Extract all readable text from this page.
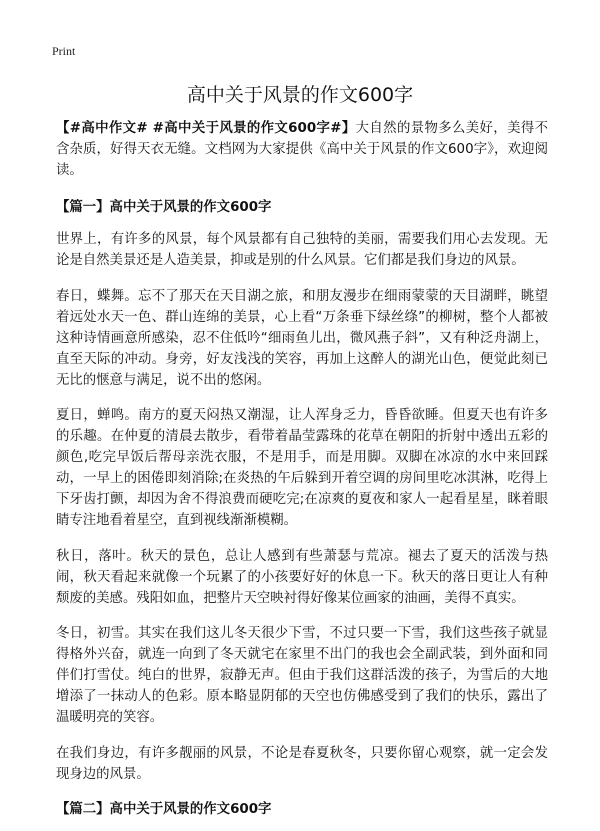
Print
高中关于风景的作文600字

【#高中作文# #高中关于风景的作文600字#】大自然的景物多么美好，美得不含杂质，好得天衣无缝。文档网为大家提供《高中关于风景的作文600字》，欢迎阅读。

【篇一】高中关于风景的作文600字

世界上，有许多的风景，每个风景都有自己独特的美丽，需要我们用心去发现。无论是自然美景还是人造美景，抑或是别的什么风景。它们都是我们身边的风景。

春日，蝶舞。忘不了那天在天目湖之旅，和朋友漫步在细雨蒙蒙的天目湖畔，眺望着远处水天一色、群山连绵的美景，心上看“万条垂下绿丝绦”的柳树，整个人都被这种诗情画意所感染，忍不住低吟“细雨鱼儿出，微风燕子斜”，又有种泛舟湖上，直至天际的冲动。身旁，好友浅浅的笑容，再加上这醉人的湖光山色，便觉此刻已无比的惬意与满足，说不出的悠闲。

夏日，蝉鸣。南方的夏天闷热又潮湿，让人浑身乏力，昏昏欲睡。但夏天也有许多的乐趣。在仲夏的清晨去散步，看带着晶莹露珠的花草在朝阳的折射中透出五彩的颜色,吃完早饭后帮母亲洗衣服，不是用手，而是用脚。双脚在冰凉的水中来回踩动，一早上的困倦即刻消除;在炎热的午后躲到开着空调的房间里吃冰淇淋，吃得上下牙齿打颤，却因为舍不得浪费而硬吃完;在凉爽的夏夜和家人一起看星星，眯着眼睛专注地看着星空，直到视线渐渐模糊。

秋日，落叶。秋天的景色，总让人感到有些萧瑟与荒凉。褪去了夏天的活泼与热闹，秋天看起来就像一个玩累了的小孩要好好的休息一下。秋天的落日更让人有种颓废的美感。残阳如血，把整片天空映衬得好像某位画家的油画，美得不真实。

冬日，初雪。其实在我们这儿冬天很少下雪，不过只要一下雪，我们这些孩子就显得格外兴奋，就连一向到了冬天就宅在家里不出门的我也会全副武装，到外面和同伴们打雪仗。纯白的世界，寂静无声。但由于我们这群活泼的孩子，为雪后的大地增添了一抹动人的色彩。原本略显阴郁的天空也仿佛感受到了我们的快乐，露出了温暖明亮的笑容。

在我们身边，有许多靓丽的风景，不论是春夏秋冬，只要你留心观察，就一定会发现身边的风景。

【篇二】高中关于风景的作文600字
